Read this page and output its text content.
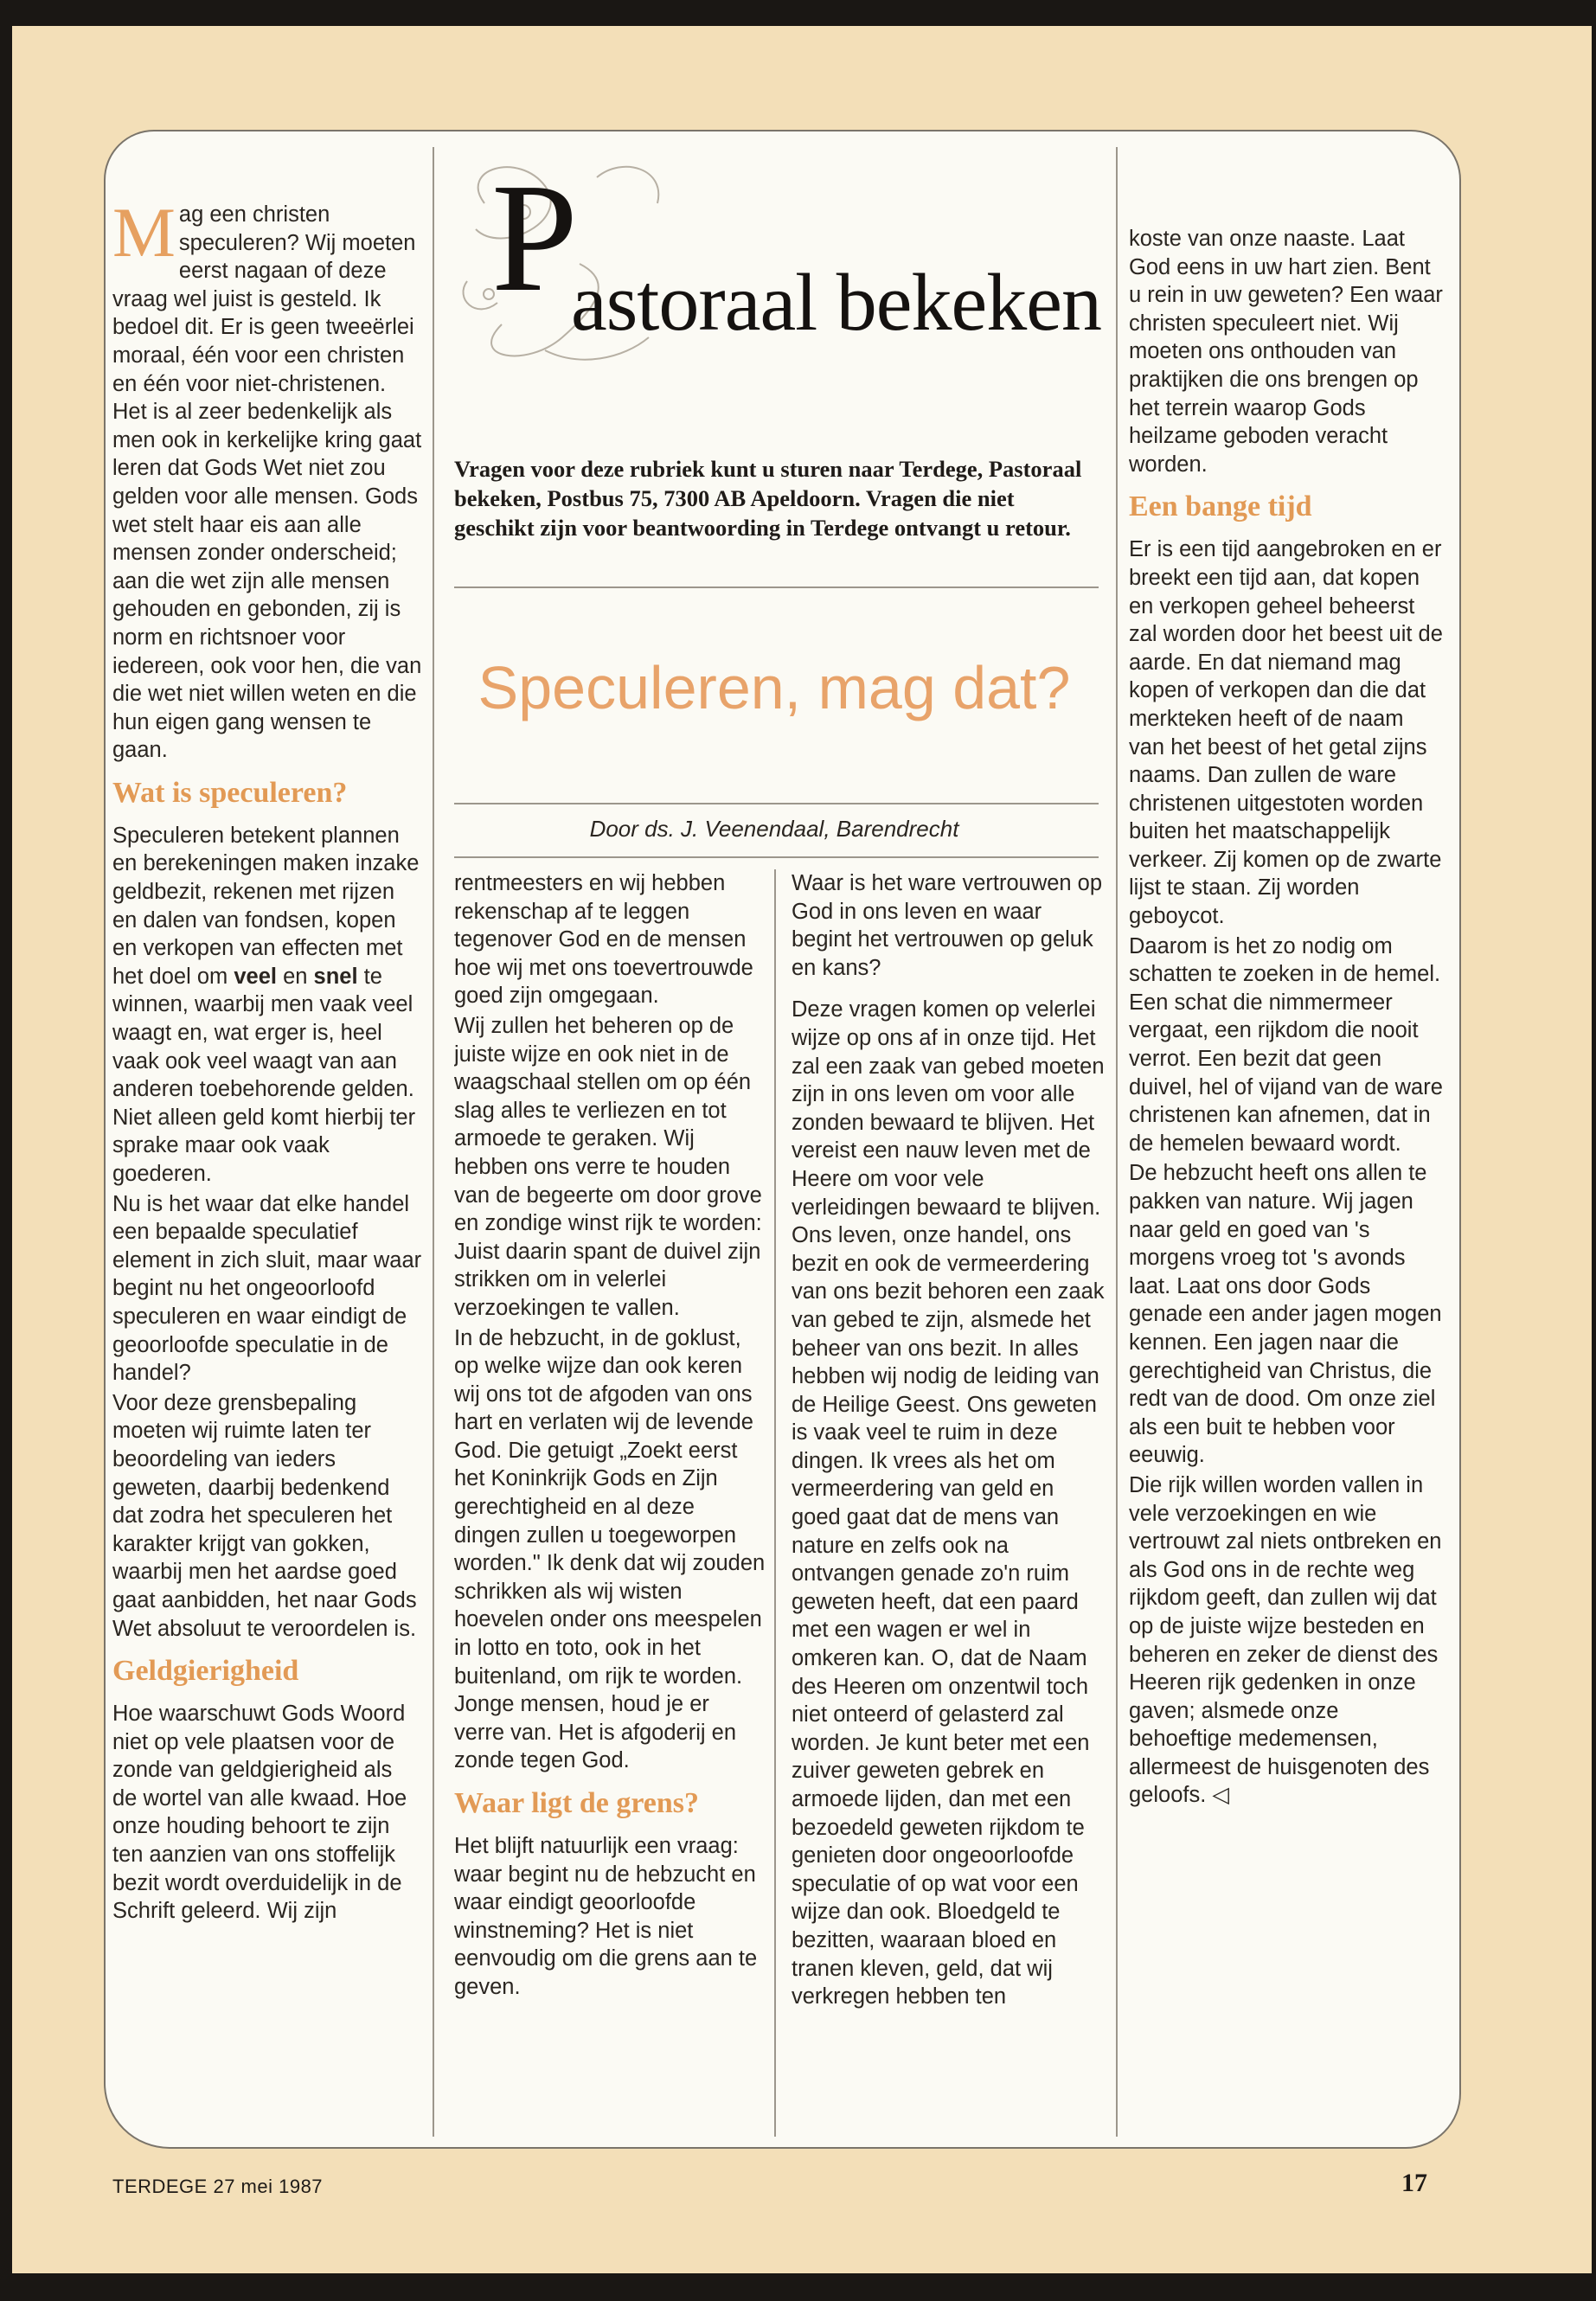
P
astoraal bekeken
Vragen voor deze rubriek kunt u sturen naar Terdege, Pastoraal bekeken, Postbus 75, 7300 AB Apeldoorn. Vragen die niet geschikt zijn voor beantwoording in Terdege ontvangt u retour.
Speculeren, mag dat?
Door ds. J. Veenendaal, Barendrecht

Mag een christen speculeren? Wij moeten eerst nagaan of deze vraag wel juist is gesteld. Ik bedoel dit. Er is geen tweeërlei moraal, één voor een christen en één voor niet-christenen. Het is al zeer bedenkelijk als men ook in kerkelijke kring gaat leren dat Gods Wet niet zou gelden voor alle mensen. Gods wet stelt haar eis aan alle mensen zonder onderscheid; aan die wet zijn alle mensen gehouden en gebonden, zij is norm en richtsnoer voor iedereen, ook voor hen, die van die wet niet willen weten en die hun eigen gang wensen te gaan.

Wat is speculeren?

Speculeren betekent plannen en berekeningen maken inzake geldbezit, rekenen met rijzen en dalen van fondsen, kopen en verkopen van effecten met het doel om veel en snel te winnen, waarbij men vaak veel waagt en, wat erger is, heel vaak ook veel waagt van aan anderen toebehorende gelden. Niet alleen geld komt hierbij ter sprake maar ook vaak goederen.

Nu is het waar dat elke handel een bepaalde speculatief element in zich sluit, maar waar begint nu het ongeoorloofd speculeren en waar eindigt de geoorloofde speculatie in de handel?

Voor deze grensbepaling moeten wij ruimte laten ter beoordeling van ieders geweten, daarbij bedenkend dat zodra het speculeren het karakter krijgt van gokken, waarbij men het aardse goed gaat aanbidden, het naar Gods Wet absoluut te veroordelen is.

Geldgierigheid

Hoe waarschuwt Gods Woord niet op vele plaatsen voor de zonde van geldgierigheid als de wortel van alle kwaad. Hoe onze houding behoort te zijn ten aanzien van ons stoffelijk bezit wordt overduidelijk in de Schrift geleerd. Wij zijn

rentmeesters en wij hebben rekenschap af te leggen tegenover God en de mensen hoe wij met ons toevertrouwde goed zijn omgegaan.

Wij zullen het beheren op de juiste wijze en ook niet in de waagschaal stellen om op één slag alles te verliezen en tot armoede te geraken. Wij hebben ons verre te houden van de begeerte om door grove en zondige winst rijk te worden: Juist daarin spant de duivel zijn strikken om in velerlei verzoekingen te vallen.

In de hebzucht, in de goklust, op welke wijze dan ook keren wij ons tot de afgoden van ons hart en verlaten wij de levende God. Die getuigt „Zoekt eerst het Koninkrijk Gods en Zijn gerechtigheid en al deze dingen zullen u toegeworpen worden." Ik denk dat wij zouden schrikken als wij wisten hoevelen onder ons meespelen in lotto en toto, ook in het buitenland, om rijk te worden. Jonge mensen, houd je er verre van. Het is afgoderij en zonde tegen God.

Waar ligt de grens?

Het blijft natuurlijk een vraag: waar begint nu de hebzucht en waar eindigt geoorloofde winstneming? Het is niet eenvoudig om die grens aan te geven.

Waar is het ware vertrouwen op God in ons leven en waar begint het vertrouwen op geluk en kans?

Deze vragen komen op velerlei wijze op ons af in onze tijd. Het zal een zaak van gebed moeten zijn in ons leven om voor alle zonden bewaard te blijven. Het vereist een nauw leven met de Heere om voor vele verleidingen bewaard te blijven. Ons leven, onze handel, ons bezit en ook de vermeerdering van ons bezit behoren een zaak van gebed te zijn, alsmede het beheer van ons bezit. In alles hebben wij nodig de leiding van de Heilige Geest. Ons geweten is vaak veel te ruim in deze dingen. Ik vrees als het om vermeerdering van geld en goed gaat dat de mens van nature en zelfs ook na ontvangen genade zo'n ruim geweten heeft, dat een paard met een wagen er wel in omkeren kan. O, dat de Naam des Heeren om onzentwil toch niet onteerd of gelasterd zal worden. Je kunt beter met een zuiver geweten gebrek en armoede lijden, dan met een bezoedeld geweten rijkdom te genieten door ongeoorloofde speculatie of op wat voor een wijze dan ook. Bloedgeld te bezitten, waaraan bloed en tranen kleven, geld, dat wij verkregen hebben ten

koste van onze naaste. Laat God eens in uw hart zien. Bent u rein in uw geweten? Een waar christen speculeert niet. Wij moeten ons onthouden van praktijken die ons brengen op het terrein waarop Gods heilzame geboden veracht worden.

Een bange tijd

Er is een tijd aangebroken en er breekt een tijd aan, dat kopen en verkopen geheel beheerst zal worden door het beest uit de aarde. En dat niemand mag kopen of verkopen dan die dat merkteken heeft of de naam van het beest of het getal zijns naams. Dan zullen de ware christenen uitgestoten worden buiten het maatschappelijk verkeer. Zij komen op de zwarte lijst te staan. Zij worden geboycot.

Daarom is het zo nodig om schatten te zoeken in de hemel. Een schat die nimmermeer vergaat, een rijkdom die nooit verrot. Een bezit dat geen duivel, hel of vijand van de ware christenen kan afnemen, dat in de hemelen bewaard wordt.

De hebzucht heeft ons allen te pakken van nature. Wij jagen naar geld en goed van 's morgens vroeg tot 's avonds laat. Laat ons door Gods genade een ander jagen mogen kennen. Een jagen naar die gerechtigheid van Christus, die redt van de dood. Om onze ziel als een buit te hebben voor eeuwig.

Die rijk willen worden vallen in vele verzoekingen en wie vertrouwt zal niets ontbreken en als God ons in de rechte weg rijkdom geeft, dan zullen wij dat op de juiste wijze besteden en beheren en zeker de dienst des Heeren rijk gedenken in onze gaven; alsmede onze behoeftige medemensen, allermeest de huisgenoten des geloofs. ◁

TERDEGE 27 mei 1987	17
